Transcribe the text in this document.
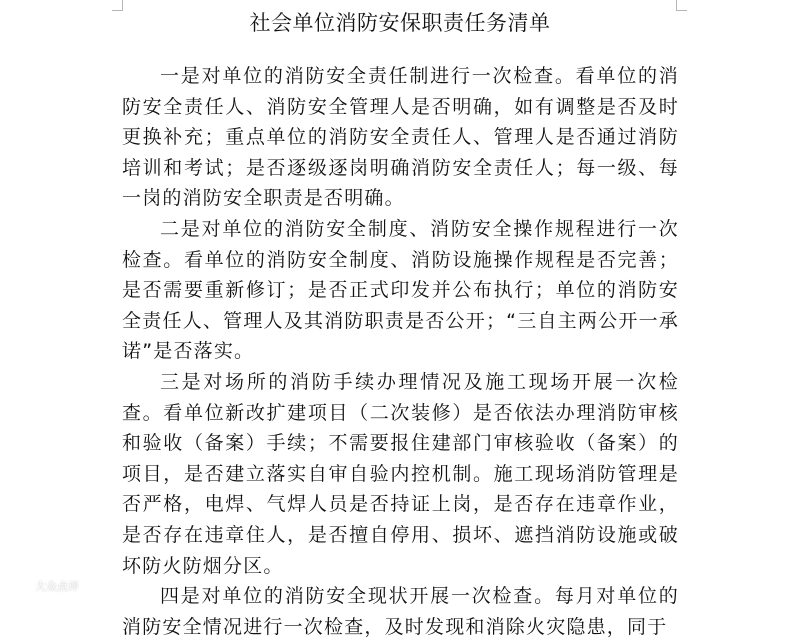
社会单位消防安保职责任务清单

一是对单位的消防安全责任制进行一次检查。看单位的消防安全责任人、消防安全管理人是否明确，如有调整是否及时更换补充；重点单位的消防安全责任人、管理人是否通过消防培训和考试；是否逐级逐岗明确消防安全责任人；每一级、每一岗的消防安全职责是否明确。

二是对单位的消防安全制度、消防安全操作规程进行一次检查。看单位的消防安全制度、消防设施操作规程是否完善；是否需要重新修订；是否正式印发并公布执行；单位的消防安全责任人、管理人及其消防职责是否公开；“三自主两公开一承诺”是否落实。

三是对场所的消防手续办理情况及施工现场开展一次检查。看单位新改扩建项目（二次装修）是否依法办理消防审核和验收（备案）手续；不需要报住建部门审核验收（备案）的项目，是否建立落实自审自验内控机制。施工现场消防管理是否严格，电焊、气焊人员是否持证上岗，是否存在违章作业，是否存在违章住人，是否擅自停用、损坏、遮挡消防设施或破坏防火防烟分区。

四是对单位的消防安全现状开展一次检查。每月对单位的消防安全情况进行一次检查，及时发现和消除火灾隐患，同于

大众点评
